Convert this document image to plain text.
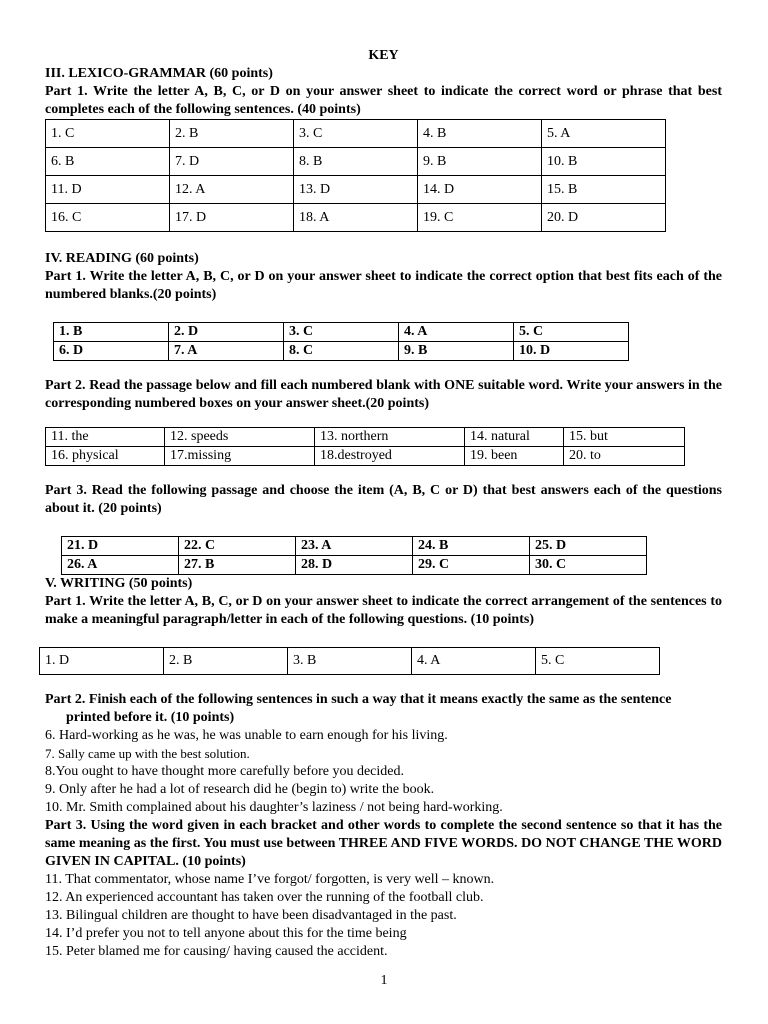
KEY

III. LEXICO-GRAMMAR (60 points)

Part 1. Write the letter A, B, C, or D on your answer sheet to indicate the correct word or phrase that best completes each of the following sentences. (40 points)

1. C	2. B	3. C	4. B	5. A
6. B	7. D	8. B	9. B	10. B
11. D	12. A	13. D	14. D	15. B
16. C	17. D	18. A	19. C	20. D

IV. READING (60 points)

Part 1. Write the letter A, B, C, or D on your answer sheet to indicate the correct option that best fits each of the numbered blanks.(20 points)

1. B	2. D	3. C	4. A	5. C
6. D	7. A	8. C	9. B	10. D

Part 2. Read the passage below and fill each numbered blank with ONE suitable word. Write your answers in the corresponding numbered boxes on your answer sheet.(20 points)

11. the	12. speeds	13. northern	14. natural	15. but
16. physical	17.missing	18.destroyed	19. been	20. to

Part 3. Read the following passage and choose the item (A, B, C or D) that best answers each of the questions about it. (20 points)

21. D	22. C	23. A	24. B	25. D
26. A	27. B	28. D	29. C	30. C

V. WRITING (50 points)

Part 1. Write the letter A, B, C, or D on your answer sheet to indicate the correct arrangement of the sentences to make a meaningful paragraph/letter in each of the following questions. (10 points)

1. D	2. B	3. B	4. A	5. C

Part 2. Finish each of the following sentences in such a way that it means exactly the same as the sentence

printed before it. (10 points)

6. Hard-working as he was, he was unable to earn enough for his living.

7. Sally came up with the best solution.

8.You ought to have thought more carefully before you decided.

9. Only after he had a lot of research did he (begin to) write the book.

10. Mr. Smith complained about his daughter’s laziness / not being hard-working.

Part 3. Using the word given in each bracket and other words to complete the second sentence so that it has the same meaning as the first. You must use between THREE AND FIVE WORDS. DO NOT CHANGE THE WORD GIVEN IN CAPITAL. (10 points)

11. That commentator, whose name I’ve forgot/ forgotten, is very well – known.

12. An experienced accountant has taken over the running of the football club.

13. Bilingual children are thought to have been disadvantaged in the past.

14. I’d prefer you not to tell anyone about this for the time being

15. Peter blamed me for causing/ having caused the accident.

1
